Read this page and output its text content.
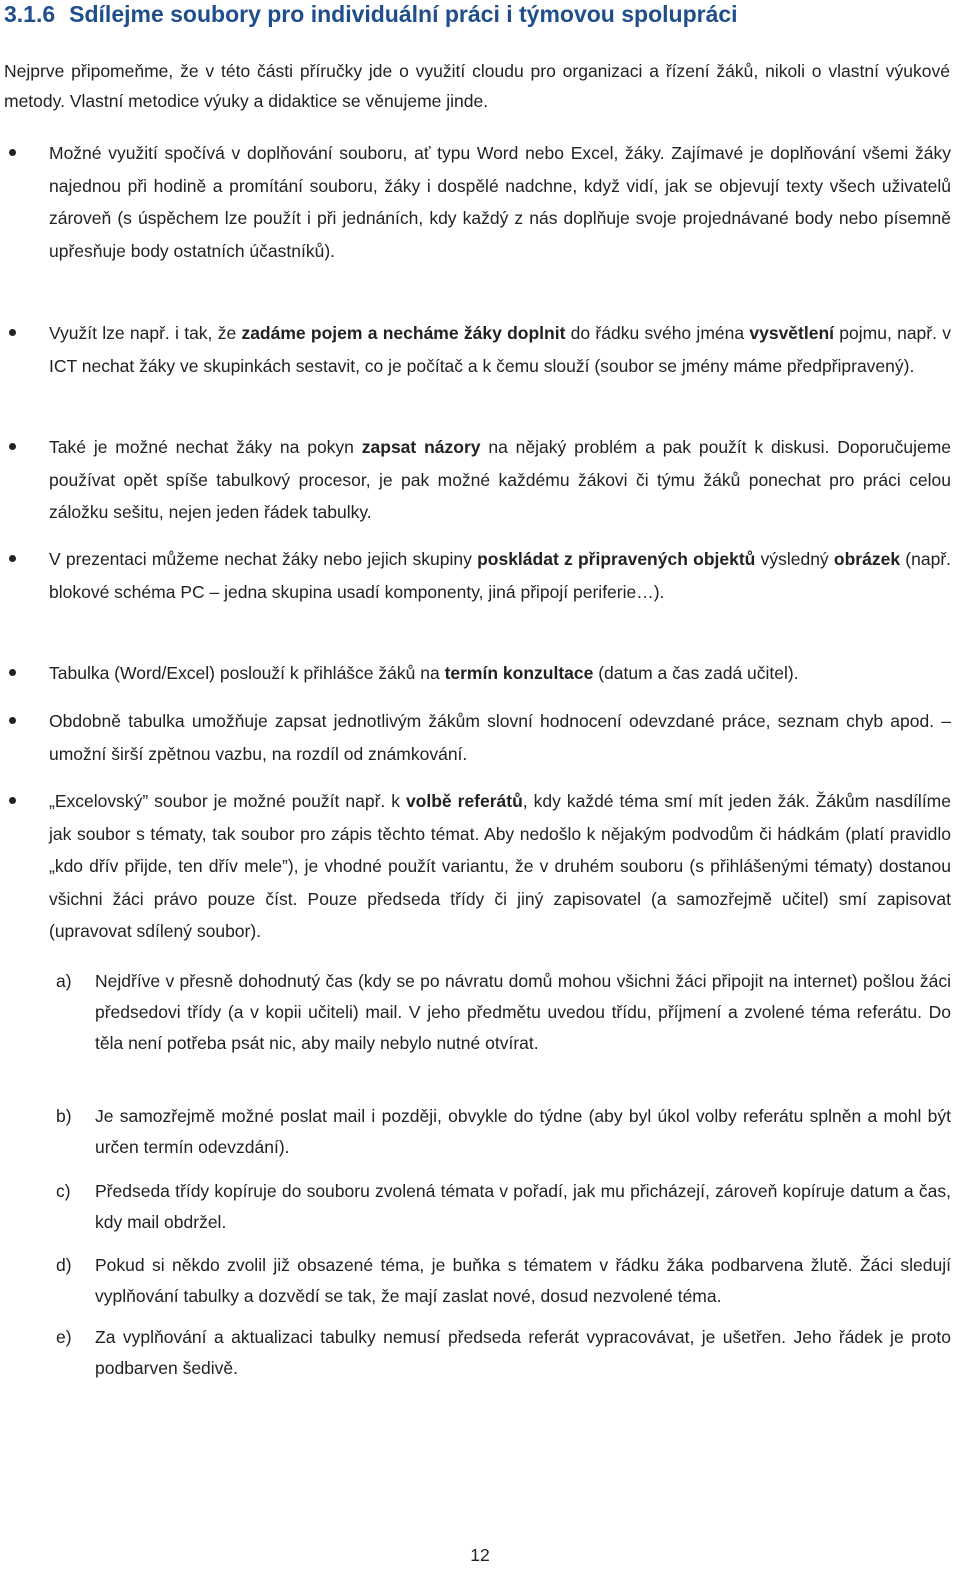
3.1.6 Sdílejme soubory pro individuální práci i týmovou spolupráci

Nejprve připomeňme, že v této části příručky jde o využití cloudu pro organizaci a řízení žáků, nikoli o vlastní výukové metody. Vlastní metodice výuky a didaktice se věnujeme jinde.

Možné využití spočívá v doplňování souboru, ať typu Word nebo Excel, žáky. Zajímavé je doplňování všemi žáky najednou při hodině a promítání souboru, žáky i dospělé nadchne, když vidí, jak se objevují texty všech uživatelů zároveň (s úspěchem lze použít i při jednáních, kdy každý z nás doplňuje svoje projednávané body nebo písemně upřesňuje body ostatních účastníků).
Využít lze např. i tak, že zadáme pojem a necháme žáky doplnit do řádku svého jména vysvětlení pojmu, např. v ICT nechat žáky ve skupinkách sestavit, co je počítač a k čemu slouží (soubor se jmény máme předpřipravený).
Také je možné nechat žáky na pokyn zapsat názory na nějaký problém a pak použít k diskusi. Doporučujeme používat opět spíše tabulkový procesor, je pak možné každému žákovi či týmu žáků ponechat pro práci celou záložku sešitu, nejen jeden řádek tabulky.
V prezentaci můžeme nechat žáky nebo jejich skupiny poskládat z připravených objektů výsledný obrázek (např. blokové schéma PC – jedna skupina usadí komponenty, jiná připojí periferie…).
Tabulka (Word/Excel) poslouží k přihlášce žáků na termín konzultace (datum a čas zadá učitel).
Obdobně tabulka umožňuje zapsat jednotlivým žákům slovní hodnocení odevzdané práce, seznam chyb apod. – umožní širší zpětnou vazbu, na rozdíl od známkování.
„Excelovský” soubor je možné použít např. k volbě referátů, kdy každé téma smí mít jeden žák. Žákům nasdílíme jak soubor s tématy, tak soubor pro zápis těchto témat. Aby nedošlo k nějakým podvodům či hádkám (platí pravidlo „kdo dřív přijde, ten dřív mele”), je vhodné použít variantu, že v druhém souboru (s přihlášenými tématy) dostanou všichni žáci právo pouze číst. Pouze předseda třídy či jiný zapisovatel (a samozřejmě učitel) smí zapisovat (upravovat sdílený soubor).
a) Nejdříve v přesně dohodnutý čas (kdy se po návratu domů mohou všichni žáci připojit na internet) pošlou žáci předsedovi třídy (a v kopii učiteli) mail. V jeho předmětu uvedou třídu, příjmení a zvolené téma referátu. Do těla není potřeba psát nic, aby maily nebylo nutné otvírat.
b) Je samozřejmě možné poslat mail i později, obvykle do týdne (aby byl úkol volby referátu splněn a mohl být určen termín odevzdání).
c) Předseda třídy kopíruje do souboru zvolená témata v pořadí, jak mu přicházejí, zároveň kopíruje datum a čas, kdy mail obdržel.
d) Pokud si někdo zvolil již obsazené téma, je buňka s tématem v řádku žáka podbarvena žlutě. Žáci sledují vyplňování tabulky a dozvědí se tak, že mají zaslat nové, dosud nezvolené téma.
e) Za vyplňování a aktualizaci tabulky nemusí předseda referát vypracovávat, je ušetřen. Jeho řádek je proto podbarven šedivě.
12
